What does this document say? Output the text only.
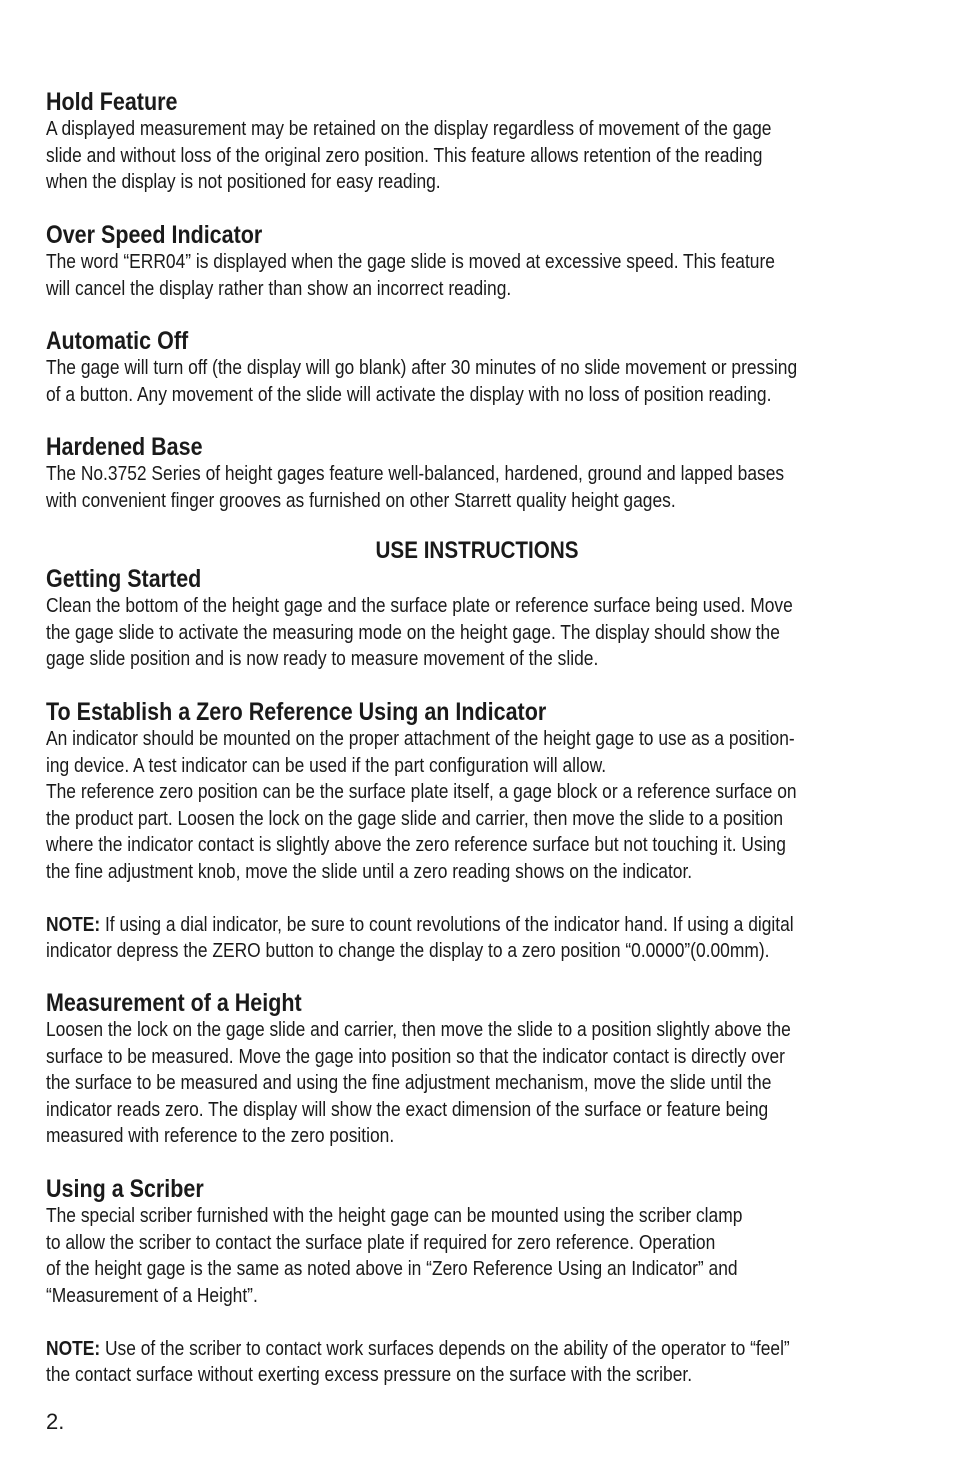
Hold Feature
A displayed measurement may be retained on the display regardless of movement of the gage
slide and without loss of the original zero position. This feature allows retention of the reading
when the display is not positioned for easy reading.
Over Speed Indicator
The word “ERR04” is displayed when the gage slide is moved at excessive speed. This feature
will cancel the display rather than show an incorrect reading.
Automatic Off
The gage will turn off (the display will go blank) after 30 minutes of no slide movement or pressing
of a button. Any movement of the slide will activate the display with no loss of position reading.
Hardened Base
The No.3752 Series of height gages feature well-balanced, hardened, ground and lapped bases
with convenient finger grooves as furnished on other Starrett quality height gages.
USE INSTRUCTIONS
Getting Started
Clean the bottom of the height gage and the surface plate or reference surface being used. Move
the gage slide to activate the measuring mode on the height gage. The display should show the
gage slide position and is now ready to measure movement of the slide.
To Establish a Zero Reference Using an Indicator
An indicator should be mounted on the proper attachment of the height gage to use as a position-
ing device. A test indicator can be used if the part configuration will allow.
The reference zero position can be the surface plate itself, a gage block or a reference surface on
the product part. Loosen the lock on the gage slide and carrier, then move the slide to a position
where the indicator contact is slightly above the zero reference surface but not touching it. Using
the fine adjustment knob, move the slide until a zero reading shows on the indicator.
NOTE: If using a dial indicator, be sure to count revolutions of the indicator hand. If using a digital
indicator depress the ZERO button to change the display to a zero position “0.0000”(0.00mm).
Measurement of a Height
Loosen the lock on the gage slide and carrier, then move the slide to a position slightly above the
surface to be measured. Move the gage into position so that the indicator contact is directly over
the surface to be measured and using the fine adjustment mechanism, move the slide until the
indicator reads zero. The display will show the exact dimension of the surface or feature being
measured with reference to the zero position.
Using a Scriber
The special scriber furnished with the height gage can be mounted using the scriber clamp
to allow the scriber to contact the surface plate if required for zero reference. Operation
of the height gage is the same as noted above in “Zero Reference Using an Indicator” and
“Measurement of a Height”.
NOTE: Use of the scriber to contact work surfaces depends on the ability of the operator to “feel”
the contact surface without exerting excess pressure on the surface with the scriber.
2.
